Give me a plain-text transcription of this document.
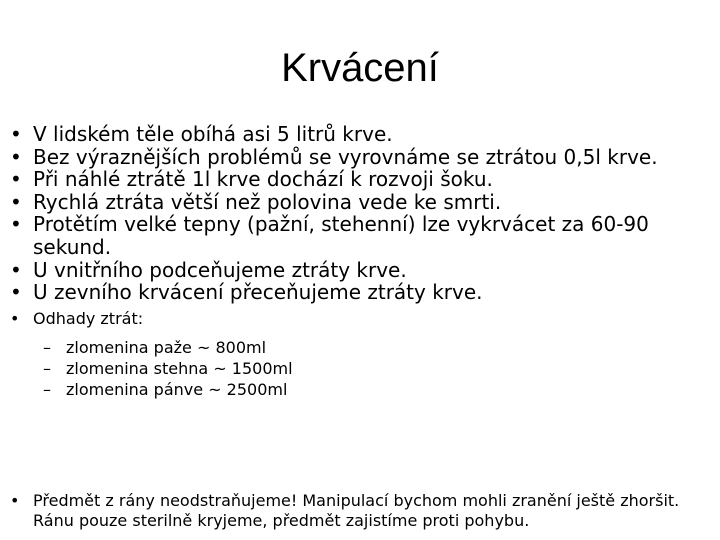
Krvácení
• V lidském těle obíhá asi 5 litrů krve.
• Bez výraznějších problémů se vyrovnáme se ztrátou 0,5l krve.
• Při náhlé ztrátě 1l krve dochází k rozvoji šoku.
• Rychlá ztráta větší než polovina vede ke smrti.
• Protětím velké tepny (pažní, stehenní) lze vykrvácet za 60-90 sekund.
• U vnitřního podceňujeme ztráty krve.
• U zevního krvácení přeceňujeme ztráty krve.
• Odhady ztrát:
– zlomenina paže ~ 800ml
– zlomenina stehna ~ 1500ml
– zlomenina pánve ~ 2500ml
• Předmět z rány neodstraňujeme! Manipulací bychom mohli zranění ještě zhoršit. Ránu pouze sterilně kryjeme, předmět zajistíme proti pohybu.
